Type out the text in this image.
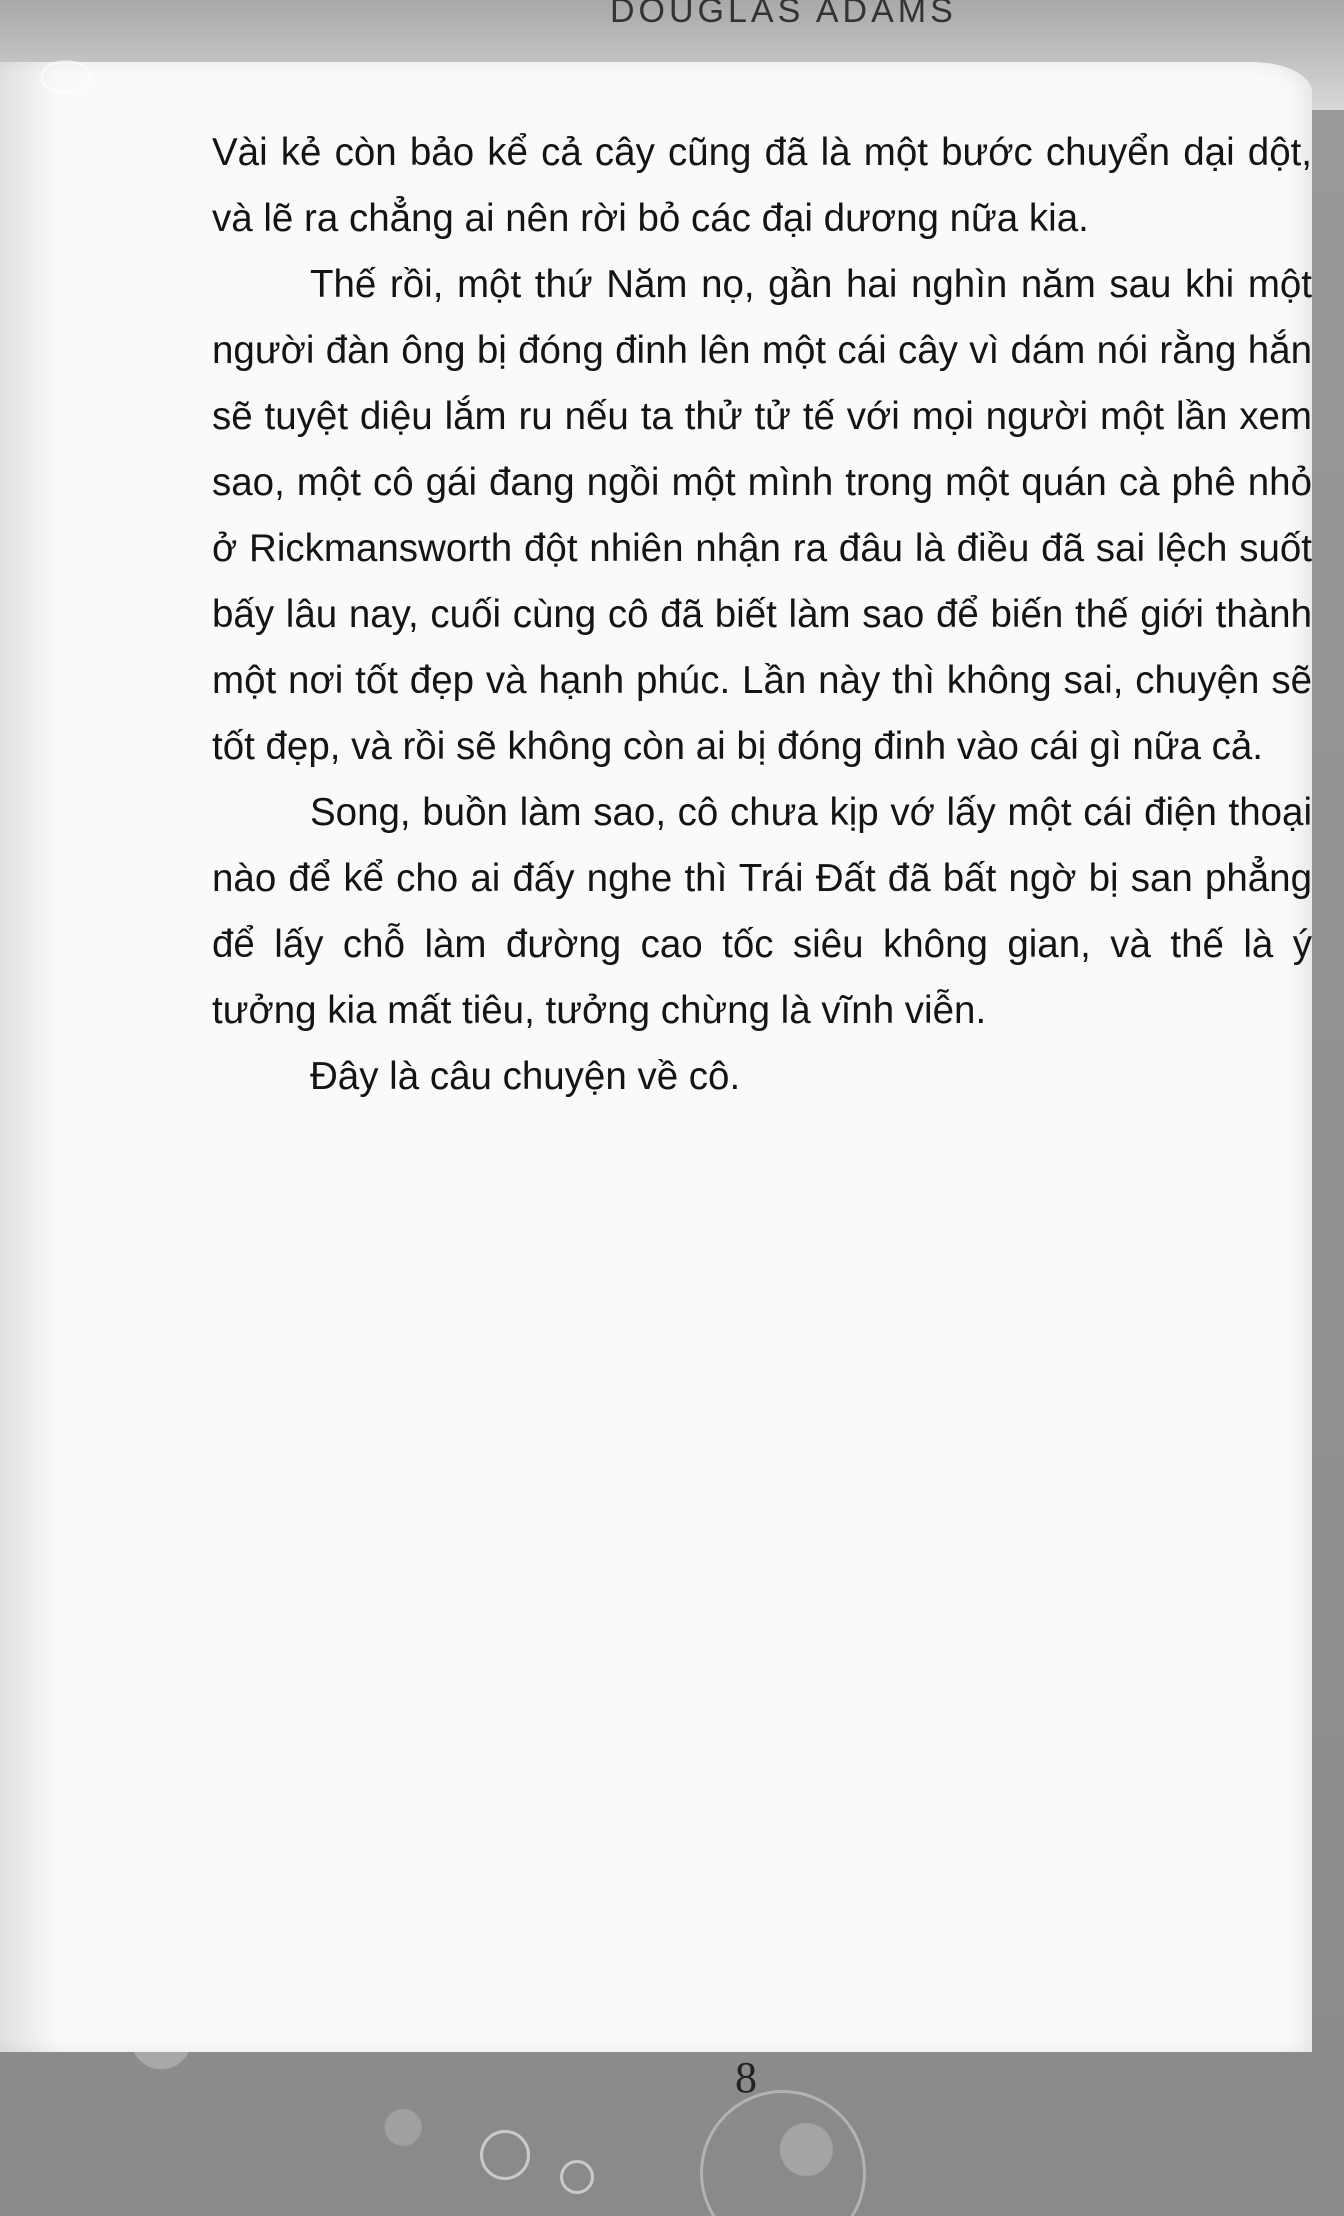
DOUGLAS ADAMS

Vài kẻ còn bảo kể cả cây cũng đã là một bước chuyển dại dột, và lẽ ra chẳng ai nên rời bỏ các đại dương nữa kia.

Thế rồi, một thứ Năm nọ, gần hai nghìn năm sau khi một người đàn ông bị đóng đinh lên một cái cây vì dám nói rằng hắn sẽ tuyệt diệu lắm ru nếu ta thử tử tế với mọi người một lần xem sao, một cô gái đang ngồi một mình trong một quán cà phê nhỏ ở Rickmansworth đột nhiên nhận ra đâu là điều đã sai lệch suốt bấy lâu nay, cuối cùng cô đã biết làm sao để biến thế giới thành một nơi tốt đẹp và hạnh phúc. Lần này thì không sai, chuyện sẽ tốt đẹp, và rồi sẽ không còn ai bị đóng đinh vào cái gì nữa cả.

Song, buồn làm sao, cô chưa kịp vớ lấy một cái điện thoại nào để kể cho ai đấy nghe thì Trái Đất đã bất ngờ bị san phẳng để lấy chỗ làm đường cao tốc siêu không gian, và thế là ý tưởng kia mất tiêu, tưởng chừng là vĩnh viễn.

Đây là câu chuyện về cô.

8
